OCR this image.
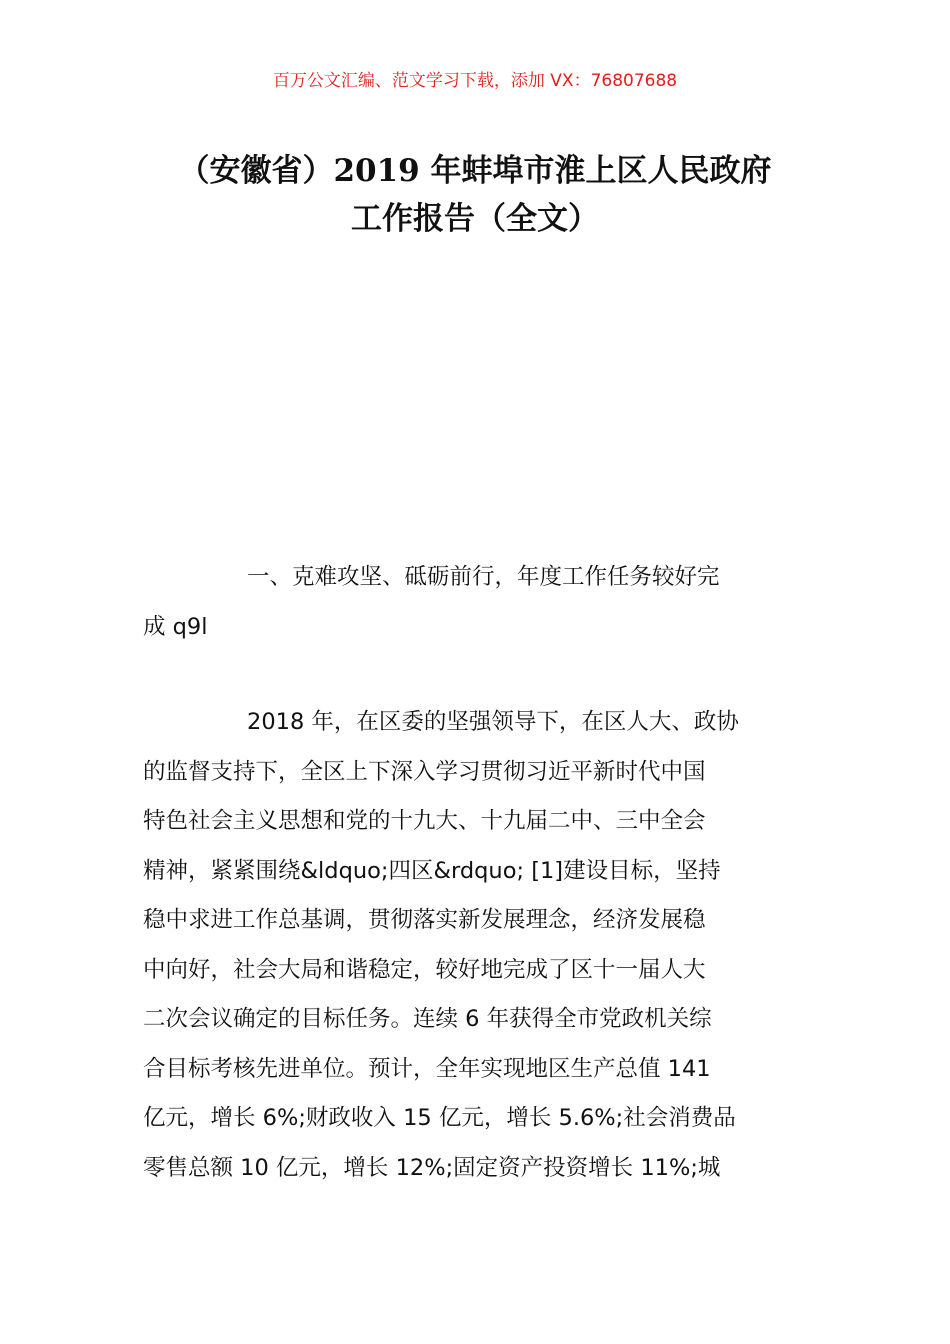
百万公文汇编、范文学习下载，添加 VX：76807688
（安徽省）2019 年蚌埠市淮上区人民政府
工作报告（全文）
一、克难攻坚、砥砺前行，年度工作任务较好完
成 q9l
2018 年，在区委的坚强领导下，在区人大、政协
的监督支持下，全区上下深入学习贯彻习近平新时代中国
特色社会主义思想和党的十九大、十九届二中、三中全会
精神，紧紧围绕&ldquo;四区&rdquo; [1]建设目标，坚持
稳中求进工作总基调，贯彻落实新发展理念，经济发展稳
中向好，社会大局和谐稳定，较好地完成了区十一届人大
二次会议确定的目标任务。连续 6 年获得全市党政机关综
合目标考核先进单位。预计，全年实现地区生产总值 141
亿元，增长 6%;财政收入 15 亿元，增长 5.6%;社会消费品
零售总额 10 亿元，增长 12%;固定资产投资增长 11%;城
